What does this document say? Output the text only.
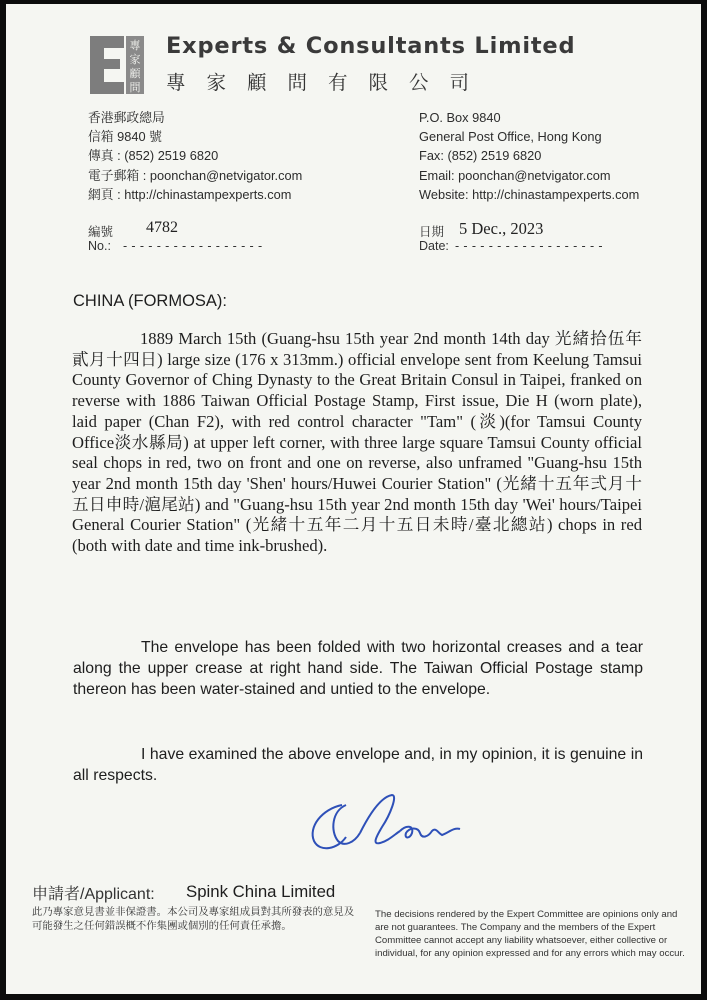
專
家
顧
問
Experts & Consultants Limited
專家顧問有限公司
香港郵政總局
信箱 9840 號
傳真 : (852) 2519 6820
電子郵箱 : poonchan@netvigator.com
網頁 : http://chinastampexperts.com
P.O. Box 9840
General Post Office, Hong Kong
Fax: (852) 2519 6820
Email: poonchan@netvigator.com
Website: http://chinastampexperts.com
編號 4782
No.: - - - - - - - - - - - - - - - - -
日期 5 Dec., 2023
Date: - - - - - - - - - - - - - - - - - -
CHINA (FORMOSA):
1889 March 15th (Guang-hsu 15th year 2nd month 14th day 光緒拾伍年貳月十四日) large size (176 x 313mm.) official envelope sent from Keelung Tamsui County Governor of Ching Dynasty to the Great Britain Consul in Taipei, franked on reverse with 1886 Taiwan Official Postage Stamp, First issue, Die H (worn plate), laid paper (Chan F2), with red control character "Tam" (淡)(for Tamsui County Office淡水縣局) at upper left corner, with three large square Tamsui County official seal chops in red, two on front and one on reverse, also unframed "Guang-hsu 15th year 2nd month 15th day 'Shen' hours/Huwei Courier Station" (光緒十五年弍月十五日申時/滬尾站) and "Guang-hsu 15th year 2nd month 15th day 'Wei' hours/Taipei General Courier Station" (光緒十五年二月十五日未時/臺北總站) chops in red (both with date and time ink-brushed).
The envelope has been folded with two horizontal creases and a tear along the upper crease at right hand side. The Taiwan Official Postage stamp thereon has been water-stained and untied to the envelope.
I have examined the above envelope and, in my opinion, it is genuine in all respects.
C.L.Poon
申請者/Applicant: Spink China Limited
此乃專家意見書並非保證書。本公司及專家組成員對其所發表的意見及可能發生之任何錯誤概不作集團或個別的任何責任承擔。
The decisions rendered by the Expert Committee are opinions only and are not guarantees. The Company and the members of the Expert Committee cannot accept any liability whatsoever, either collective or individual, for any opinion expressed and for any errors which may occur.
